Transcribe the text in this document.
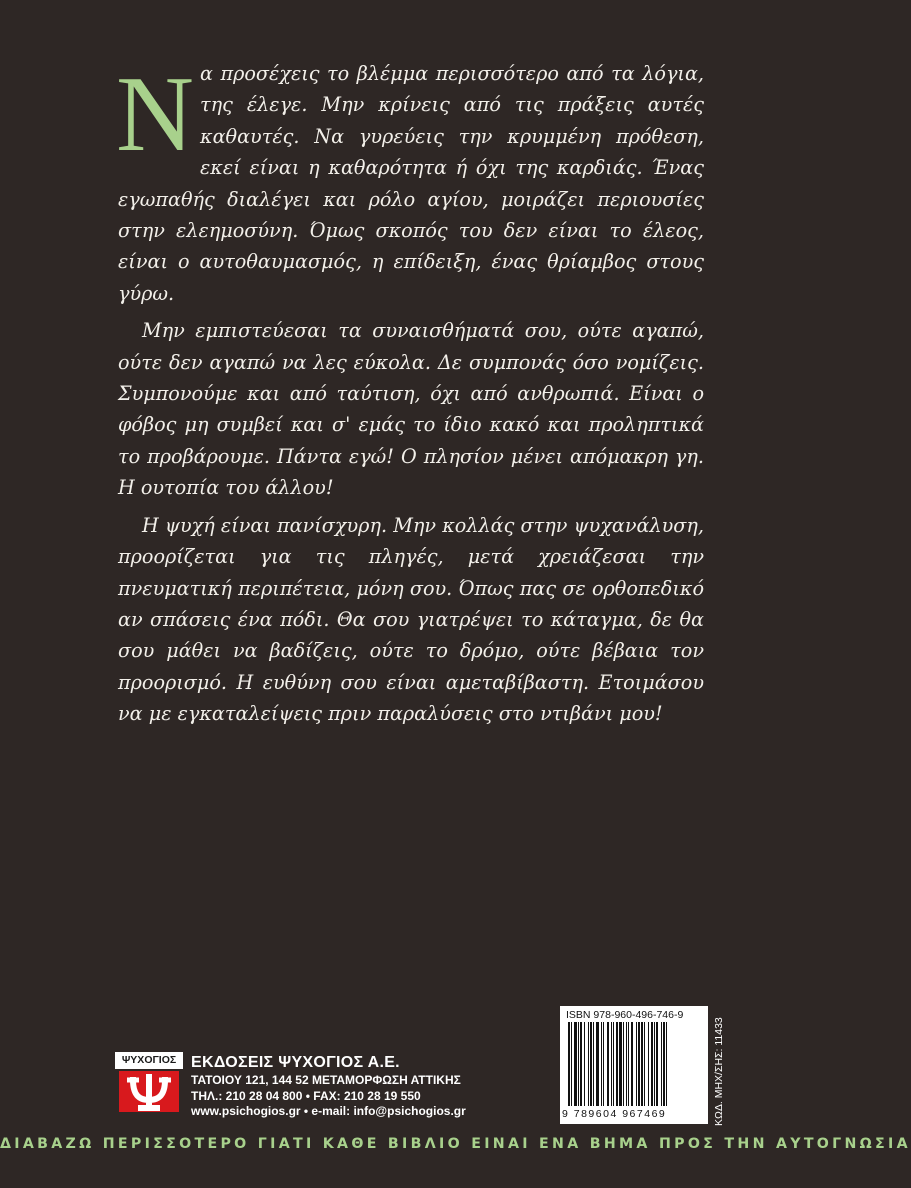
Να προσέχεις το βλέμμα περισσότερο από τα λόγια, της έλεγε. Μην κρίνεις από τις πράξεις αυτές καθαυτές. Να γυρεύεις την κρυμμένη πρόθεση, εκεί είναι η καθαρότητα ή όχι της καρδιάς. Ένας εγωπαθής διαλέγει και ρόλο αγίου, μοιράζει περιουσίες στην ελεημοσύνη. Όμως σκοπός του δεν είναι το έλεος, είναι ο αυτοθαυμασμός, η επίδειξη, ένας θρίαμβος στους γύρω.

Μην εμπιστεύεσαι τα συναισθήματά σου, ούτε αγαπώ, ούτε δεν αγαπώ να λες εύκολα. Δε συμπονάς όσο νομίζεις. Συμπονούμε και από ταύτιση, όχι από ανθρωπιά. Είναι ο φόβος μη συμβεί και σ' εμάς το ίδιο κακό και προληπτικά το προβάρουμε. Πάντα εγώ! Ο πλησίον μένει απόμακρη γη. Η ουτοπία του άλλου!

Η ψυχή είναι πανίσχυρη. Μην κολλάς στην ψυχανάλυση, προορίζεται για τις πληγές, μετά χρειάζεσαι την πνευματική περιπέτεια, μόνη σου. Όπως πας σε ορθοπεδικό αν σπάσεις ένα πόδι. Θα σου γιατρέψει το κάταγμα, δε θα σου μάθει να βαδίζεις, ούτε το δρόμο, ούτε βέβαια τον προορισμό. Η ευθύνη σου είναι αμεταβίβαστη. Ετοιμάσου να με εγκαταλείψεις πριν παραλύσεις στο ντιβάνι μου!

ISBN 978-960-496-746-9
9 789604 967469	ΚΩΔ. ΜΗΧ/ΣΗΣ: 11433
ΨΥΧΟΓΙΟΣ ΕΚΔΟΣΕΙΣ ΨΥΧΟΓΙΟΣ Α.Ε.
ΤΑΤΟΙΟΥ 121, 144 52 ΜΕΤΑΜΟΡΦΩΣΗ ΑΤΤΙΚΗΣ
ΤΗΛ.: 210 28 04 800 • FAX: 210 28 19 550
www.psichogios.gr • e-mail: info@psichogios.gr
ΔΙΑΒΑΖΩ ΠΕΡΙΣΣΟΤΕΡΟ ΓΙΑΤΙ ΚΑΘΕ ΒΙΒΛΙΟ ΕΙΝΑΙ ΕΝΑ ΒΗΜΑ ΠΡΟΣ ΤΗΝ ΑΥΤΟΓΝΩΣΙΑ
